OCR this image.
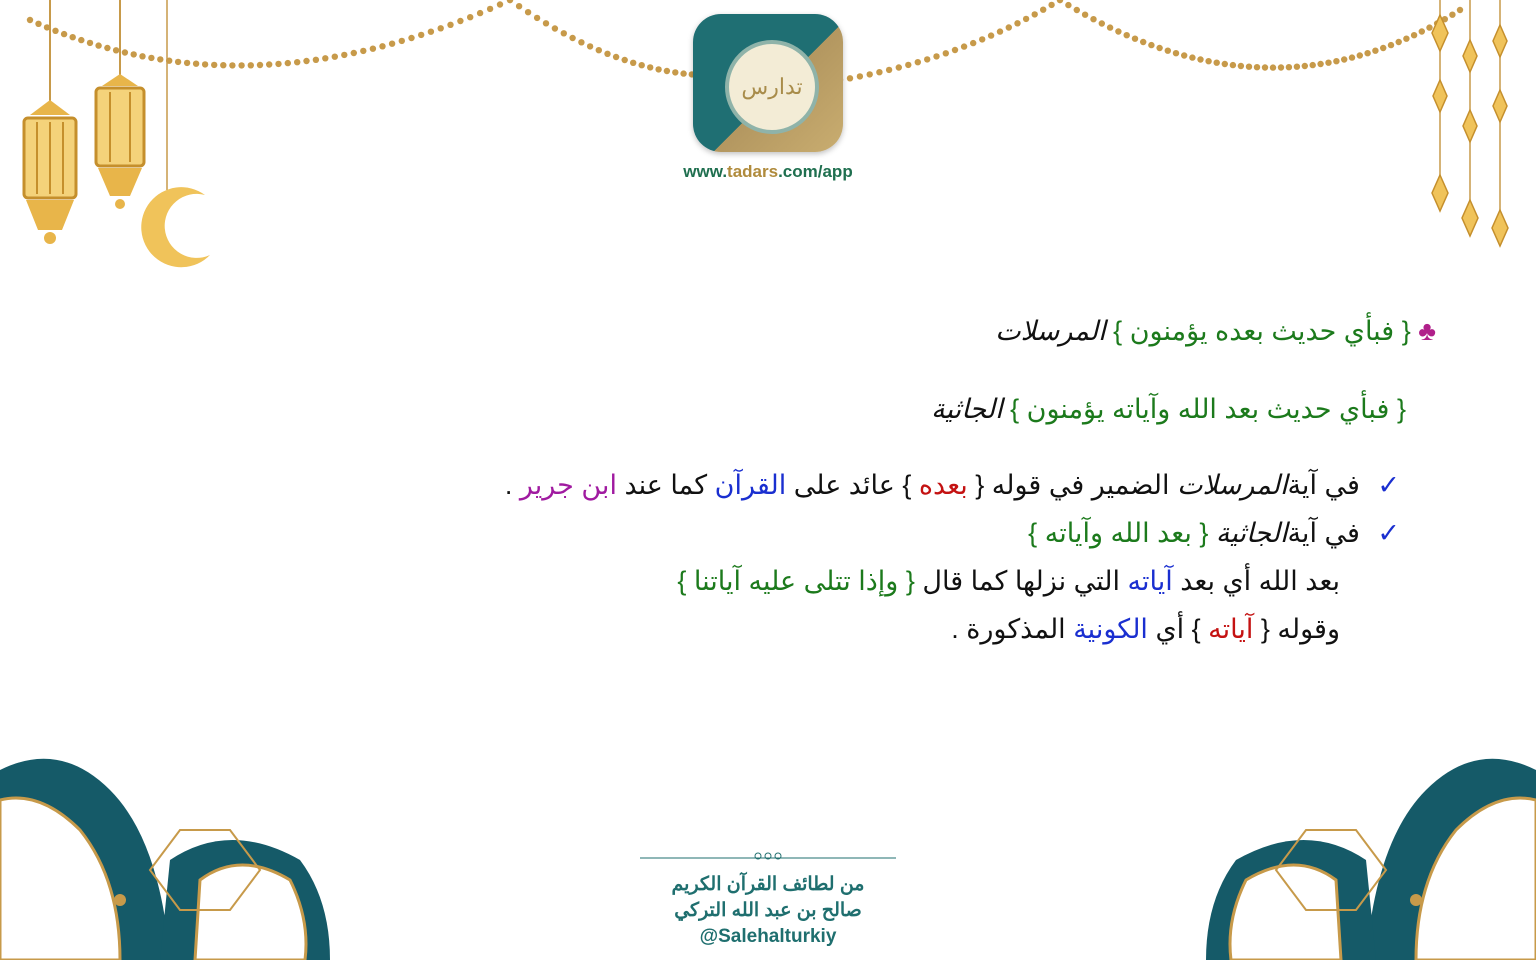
تدارس
www.tadars.com/app
♣ { فبأي حديث بعده يؤمنون } المرسلات
{ فبأي حديث بعد الله وآياته يؤمنون } الجاثية
✓ في آيةالمرسلات الضمير في قوله { بعده } عائد على القرآن كما عند ابن جرير .
✓ في آيةالجاثية { بعد الله وآياته }
بعد الله أي بعد آياته التي نزلها كما قال { وإذا تتلى عليه آياتنا }
وقوله { آياته } أي الكونية المذكورة .
من لطائف القرآن الكريم
صالح بن عبد الله التركي
@Salehalturkiy
